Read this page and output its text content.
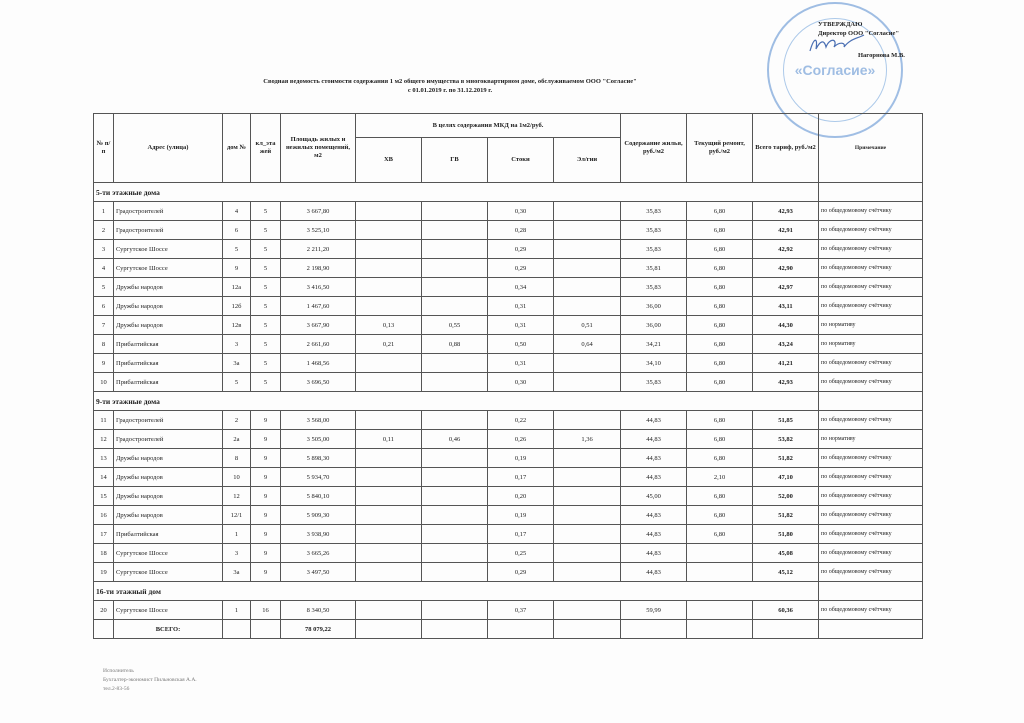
«Согласие»
УТВЕРЖДАЮ
Директор ООО "Согласие"
Нагорнова М.В.
Сводная ведомость стоимости содержания 1 м2 общего имущества в многоквартирном доме, обслуживаемом ООО "Согласие"
с 01.01.2019 г. по 31.12.2019 г.
№ п/п	Адрес (улица)	дом №	кл_эта жей	Площадь жилых и нежилых помещений, м2	В целях содержания МКД на 1м2/руб.				Содержание жилья, руб./м2	Текущий ремонт, руб./м2	Всего тариф, руб./м2	Примечание
					ХВ	ГВ	Стоки	Эл/гии				
5-ти этажные дома												
1	Градостроителей	4	5	3 667,80			0,30		35,83	6,80	42,93	по общедомовому счётчику
2	Градостроителей	6	5	3 525,10			0,28		35,83	6,80	42,91	по общедомовому счётчику
3	Сургутское Шоссе	5	5	2 211,20			0,29		35,83	6,80	42,92	по общедомовому счётчику
4	Сургутское Шоссе	9	5	2 198,90			0,29		35,81	6,80	42,90	по общедомовому счётчику
5	Дружбы народов	12а	5	3 416,50			0,34		35,83	6,80	42,97	по общедомовому счётчику
6	Дружбы народов	12б	5	1 467,60			0,31		36,00	6,80	43,11	по общедомовому счётчику
7	Дружбы народов	12в	5	3 667,90	0,13	0,55	0,31	0,51	36,00	6,80	44,30	по нормативу
8	Прибалтийская	3	5	2 661,60	0,21	0,88	0,50	0,64	34,21	6,80	43,24	по нормативу
9	Прибалтийская	3а	5	1 468,56			0,31		34,10	6,80	41,21	по общедомовому счётчику
10	Прибалтийская	5	5	3 696,50			0,30		35,83	6,80	42,93	по общедомовому счётчику
9-ти этажные дома												
11	Градостроителей	2	9	3 568,00			0,22		44,83	6,80	51,85	по общедомовому счётчику
12	Градостроителей	2а	9	3 505,00	0,11	0,46	0,26	1,36	44,83	6,80	53,82	по нормативу
13	Дружбы народов	8	9	5 898,30			0,19		44,83	6,80	51,82	по общедомовому счётчику
14	Дружбы народов	10	9	5 934,70			0,17		44,83	2,10	47,10	по общедомовому счётчику
15	Дружбы народов	12	9	5 840,10			0,20		45,00	6,80	52,00	по общедомовому счётчику
16	Дружбы народов	12/1	9	5 909,30			0,19		44,83	6,80	51,82	по общедомовому счётчику
17	Прибалтийская	1	9	3 938,90			0,17		44,83	6,80	51,80	по общедомовому счётчику
18	Сургутское Шоссе	3	9	3 665,26			0,25		44,83		45,08	по общедомовому счётчику
19	Сургутское Шоссе	3а	9	3 497,50			0,29		44,83		45,12	по общедомовому счётчику
16-ти этажный дом												
20	Сургутское Шоссе	1	16	8 340,50			0,37		59,99		60,36	по общедомовому счётчику
	ВСЕГО:			78 079,22								
Исполнитель
Бухгалтер-экономист Пильновская А.А.
тел.2-83-56
